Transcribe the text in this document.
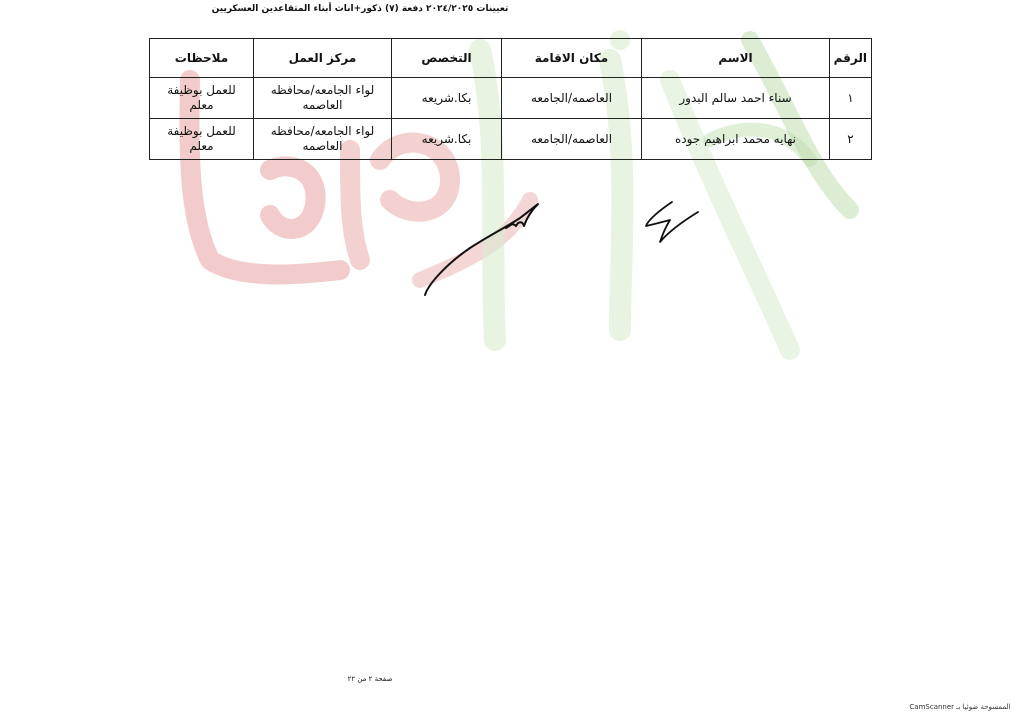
تعيينات ٢٠٢٤/٢٠٢٥ دفعة (٧) ذكور+اناث أبناء المتقاعدين العسكريين
الرقم	الاسم	مكان الاقامة	التخصص	مركز العمل	ملاحظات
١	سناء احمد سالم البدور	العاصمه/الجامعه	بكا.شريعه	لواء الجامعه/محافظه العاصمه	للعمل بوظيفة معلم
٢	نهايه محمد ابراهيم جوده	العاصمه/الجامعه	بكا.شريعه	لواء الجامعه/محافظه العاصمه	للعمل بوظيفة معلم
صفحة ٢ من ٢٢
الممسوحة ضوئيا بـ CamScanner
